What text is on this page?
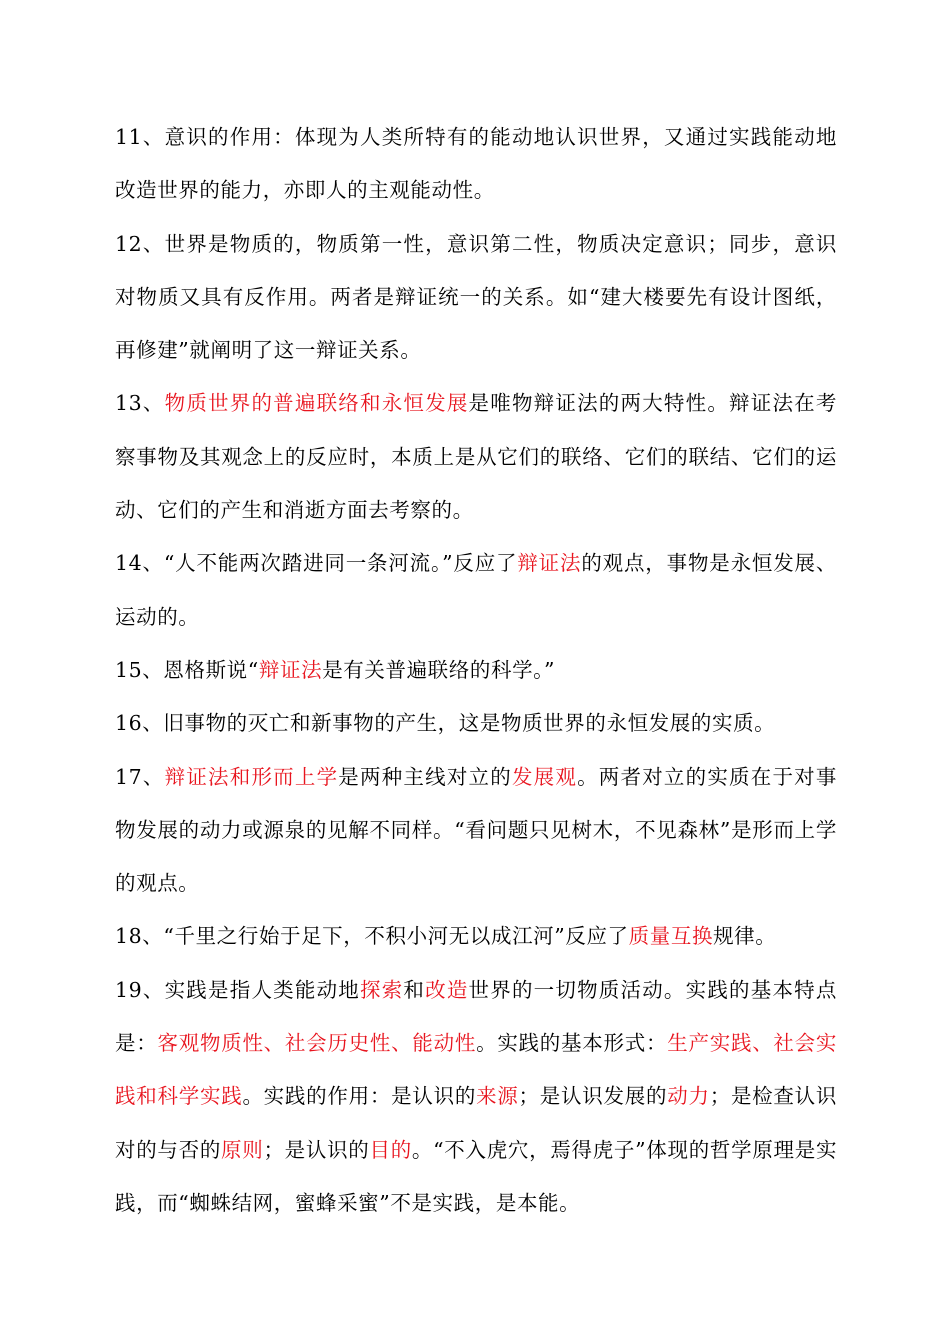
11、意识的作用：体现为人类所特有的能动地认识世界，又通过实践能动地改造世界的能力，亦即人的主观能动性。

12、世界是物质的，物质第一性，意识第二性，物质决定意识；同步，意识对物质又具有反作用。两者是辩证统一的关系。如“建大楼要先有设计图纸，再修建”就阐明了这一辩证关系。

13、物质世界的普遍联络和永恒发展是唯物辩证法的两大特性。辩证法在考察事物及其观念上的反应时，本质上是从它们的联络、它们的联结、它们的运动、它们的产生和消逝方面去考察的。

14、“人不能两次踏进同一条河流。”反应了辩证法的观点，事物是永恒发展、运动的。

15、恩格斯说“辩证法是有关普遍联络的科学。”

16、旧事物的灭亡和新事物的产生，这是物质世界的永恒发展的实质。

17、辩证法和形而上学是两种主线对立的发展观。两者对立的实质在于对事物发展的动力或源泉的见解不同样。“看问题只见树木，不见森林”是形而上学的观点。

18、“千里之行始于足下，不积小河无以成江河”反应了质量互换规律。

19、实践是指人类能动地探索和改造世界的一切物质活动。实践的基本特点是：客观物质性、社会历史性、能动性。实践的基本形式：生产实践、社会实践和科学实践。实践的作用：是认识的来源；是认识发展的动力；是检查认识对的与否的原则；是认识的目的。“不入虎穴，焉得虎子”体现的哲学原理是实践，而“蜘蛛结网，蜜蜂采蜜”不是实践，是本能。
